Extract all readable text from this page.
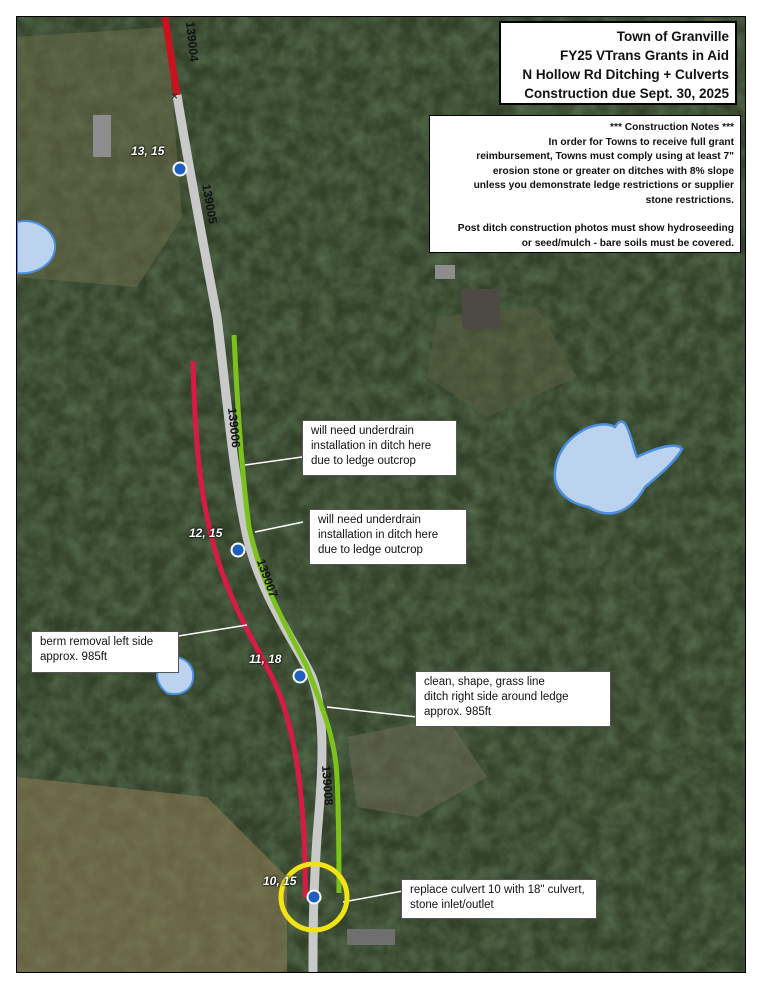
×
139004
139005
139006
139007
139008
13, 15
12, 15
11, 18
10, 15
Town of Granville
FY25 VTrans Grants in Aid
N Hollow Rd Ditching + Culverts
Construction due Sept. 30, 2025
*** Construction Notes ***
In order for Towns to receive full grant
reimbursement, Towns must comply using at least 7"
erosion stone or greater on ditches with 8% slope
unless you demonstrate ledge restrictions or supplier
stone restrictions.
Post ditch construction photos must show hydroseeding
or seed/mulch - bare soils must be covered.
will need underdrain
installation in ditch here
due to ledge outcrop
will need underdrain
installation in ditch here
due to ledge outcrop
berm removal left side
approx. 985ft
clean, shape, grass line
ditch right side around ledge
approx. 985ft
replace culvert 10 with 18" culvert,
stone inlet/outlet
